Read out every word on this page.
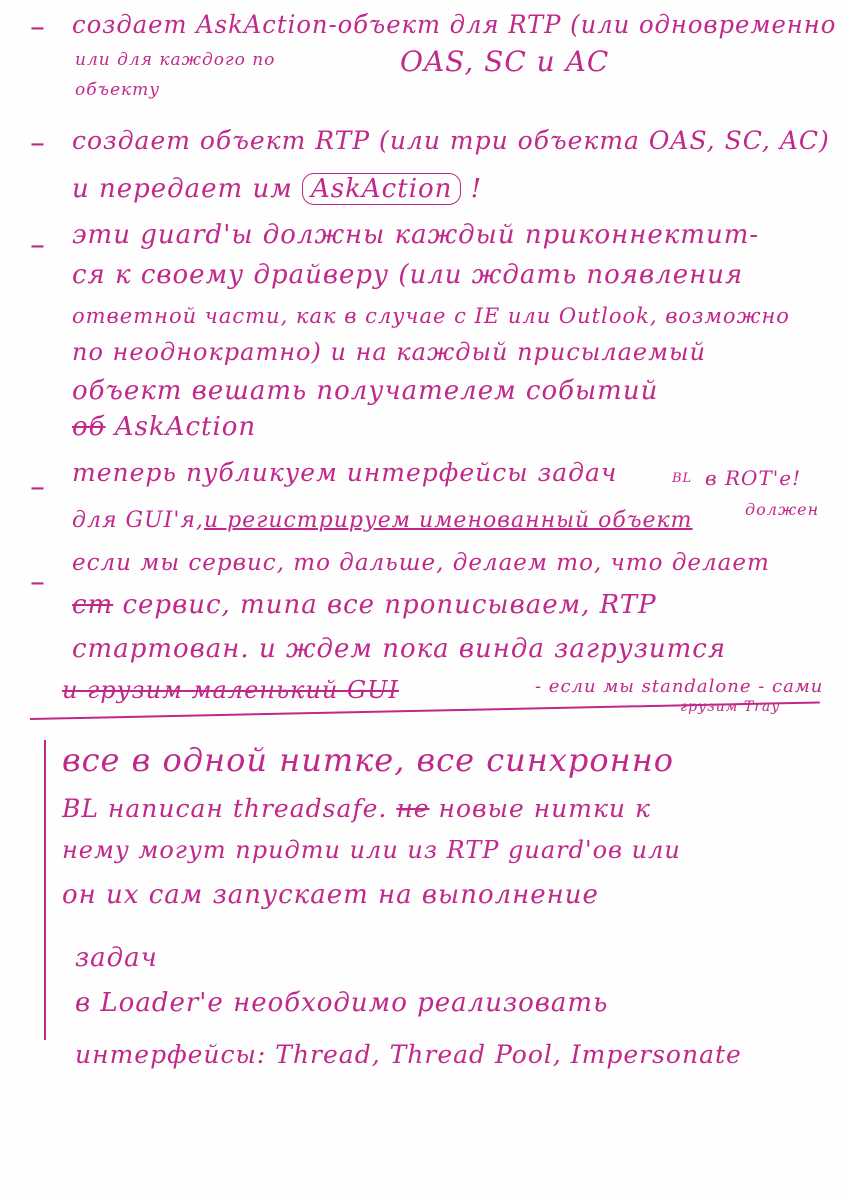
–
–
–
–
–
создает AskAction-объект для RTP (или одновременно
или для каждого по	OAS, SC и AC
объекту
создает объект RTP (или три объекта OAS, SC, AC)
и передает им AskAction !
эти guard'ы должны каждый приконнектит-
ся к своему драйверу (или ждать появления
ответной части, как в случае с IE или Outlook, возможно
по неоднократно) и на каждый присылаемый
объект вешать получателем событий
об AskAction
теперь публикуем интерфейсы задач	BL в ROT'e!
для GUI'я,и регистрируем именованный объект	должен
если мы сервис, то дальше, делаем то, что делает
ст сервис, типа все прописываем, RTP
стартован. и ждем пока винда загрузится
и грузим маленький GUI	- если мы standalone - сами
грузим Tray
все в одной нитке, все синхронно
BL написан threadsafe. не новые нитки к
нему могут придти или из RTP guard'ов или
он их сам запускает на выполнение
задач
в Loader'е необходимо реализовать
интерфейсы: Thread, Thread Pool, Impersonate
